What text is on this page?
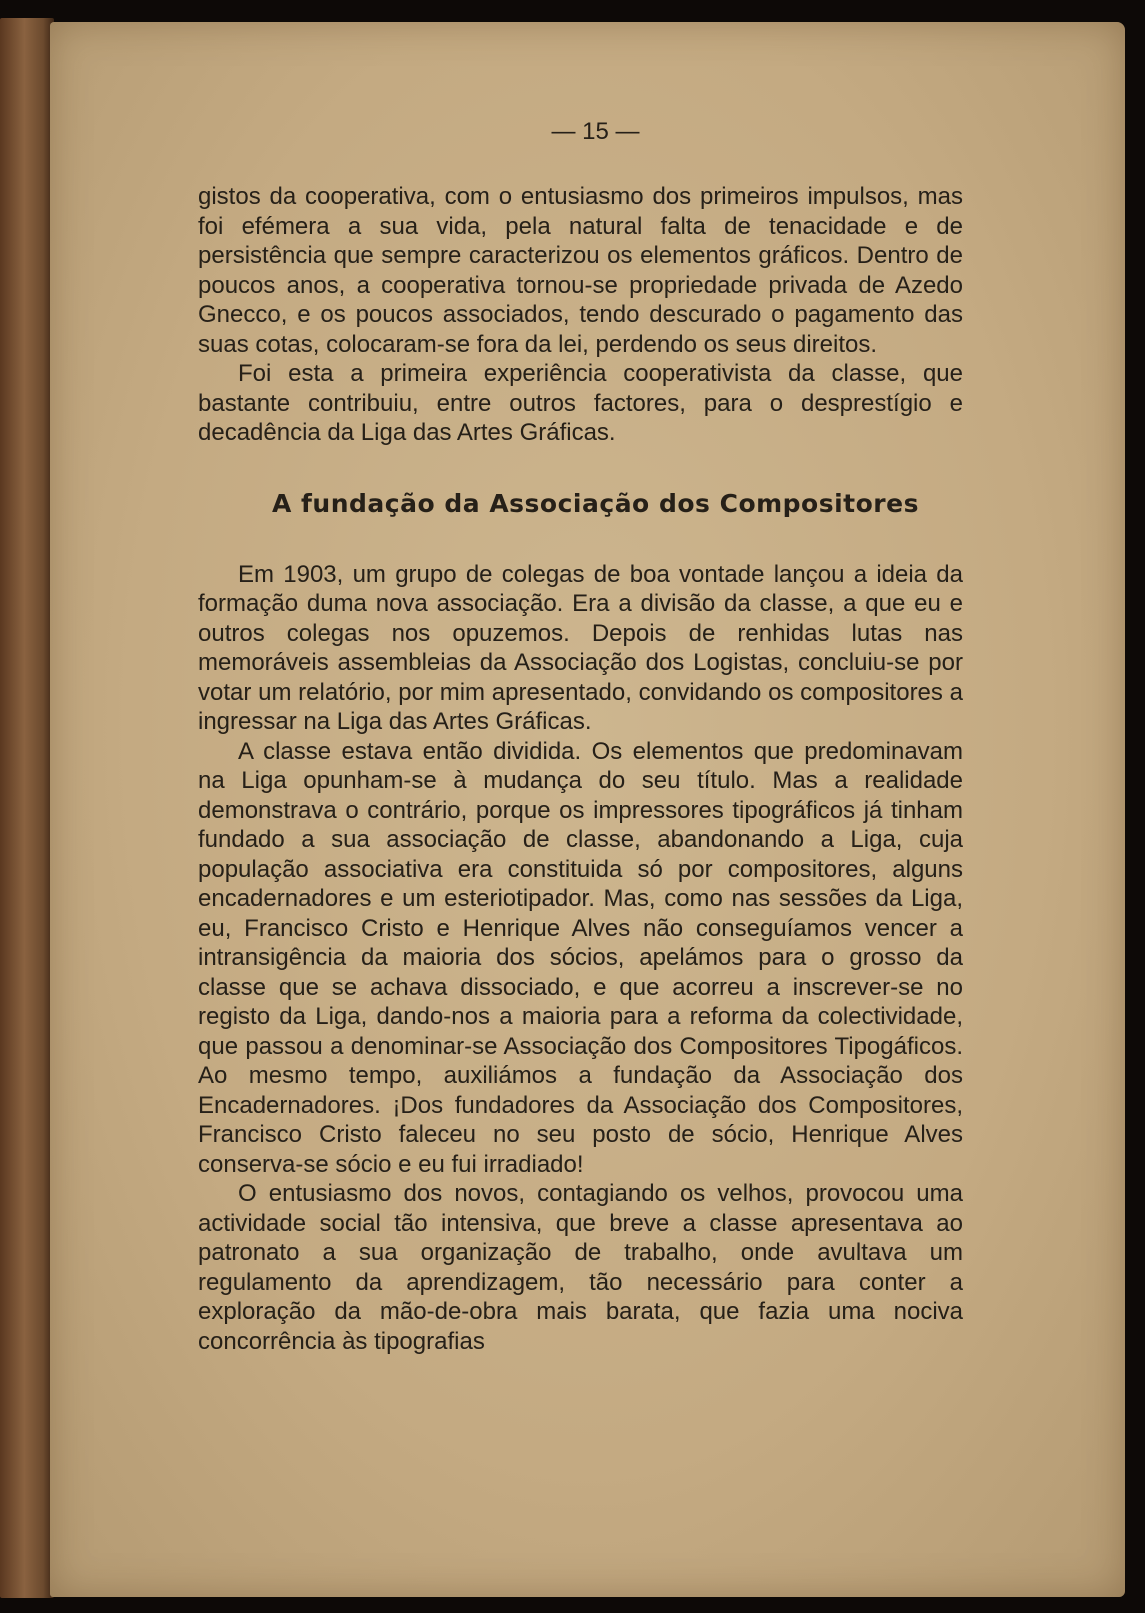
— 15 —

gistos da cooperativa, com o entusiasmo dos primeiros impulsos, mas foi efémera a sua vida, pela natural falta de tenacidade e de persistência que sempre caracterizou os elementos gráficos. Dentro de poucos anos, a cooperativa tornou-se propriedade privada de Azedo Gnecco, e os poucos associados, tendo descurado o pagamento das suas cotas, colocaram-se fora da lei, perdendo os seus direitos.

Foi esta a primeira experiência cooperativista da classe, que bastante contribuiu, entre outros factores, para o desprestígio e decadência da Liga das Artes Gráficas.

A fundação da Associação dos Compositores

Em 1903, um grupo de colegas de boa vontade lançou a ideia da formação duma nova associação. Era a divisão da classe, a que eu e outros colegas nos opuzemos. Depois de renhidas lutas nas memoráveis assembleias da Associação dos Logistas, concluiu-se por votar um relatório, por mim apresentado, convidando os compositores a ingressar na Liga das Artes Gráficas.

A classe estava então dividida. Os elementos que predominavam na Liga opunham-se à mudança do seu título. Mas a realidade demonstrava o contrário, porque os impressores tipográficos já tinham fundado a sua associação de classe, abandonando a Liga, cuja população associativa era constituida só por compositores, alguns encadernadores e um esteriotipador. Mas, como nas sessões da Liga, eu, Francisco Cristo e Henrique Alves não conseguíamos vencer a intransigência da maioria dos sócios, apelámos para o grosso da classe que se achava dissociado, e que acorreu a inscrever-se no registo da Liga, dando-nos a maioria para a reforma da colectividade, que passou a denominar-se Associação dos Compositores Tipogáficos. Ao mesmo tempo, auxiliámos a fundação da Associação dos Encadernadores. ¡Dos fundadores da Associação dos Compositores, Francisco Cristo faleceu no seu posto de sócio, Henrique Alves conserva-se sócio e eu fui irradiado!

O entusiasmo dos novos, contagiando os velhos, provocou uma actividade social tão intensiva, que breve a classe apresentava ao patronato a sua organização de trabalho, onde avultava um regulamento da aprendizagem, tão necessário para conter a exploração da mão-de-obra mais barata, que fazia uma nociva concorrência às tipografias
